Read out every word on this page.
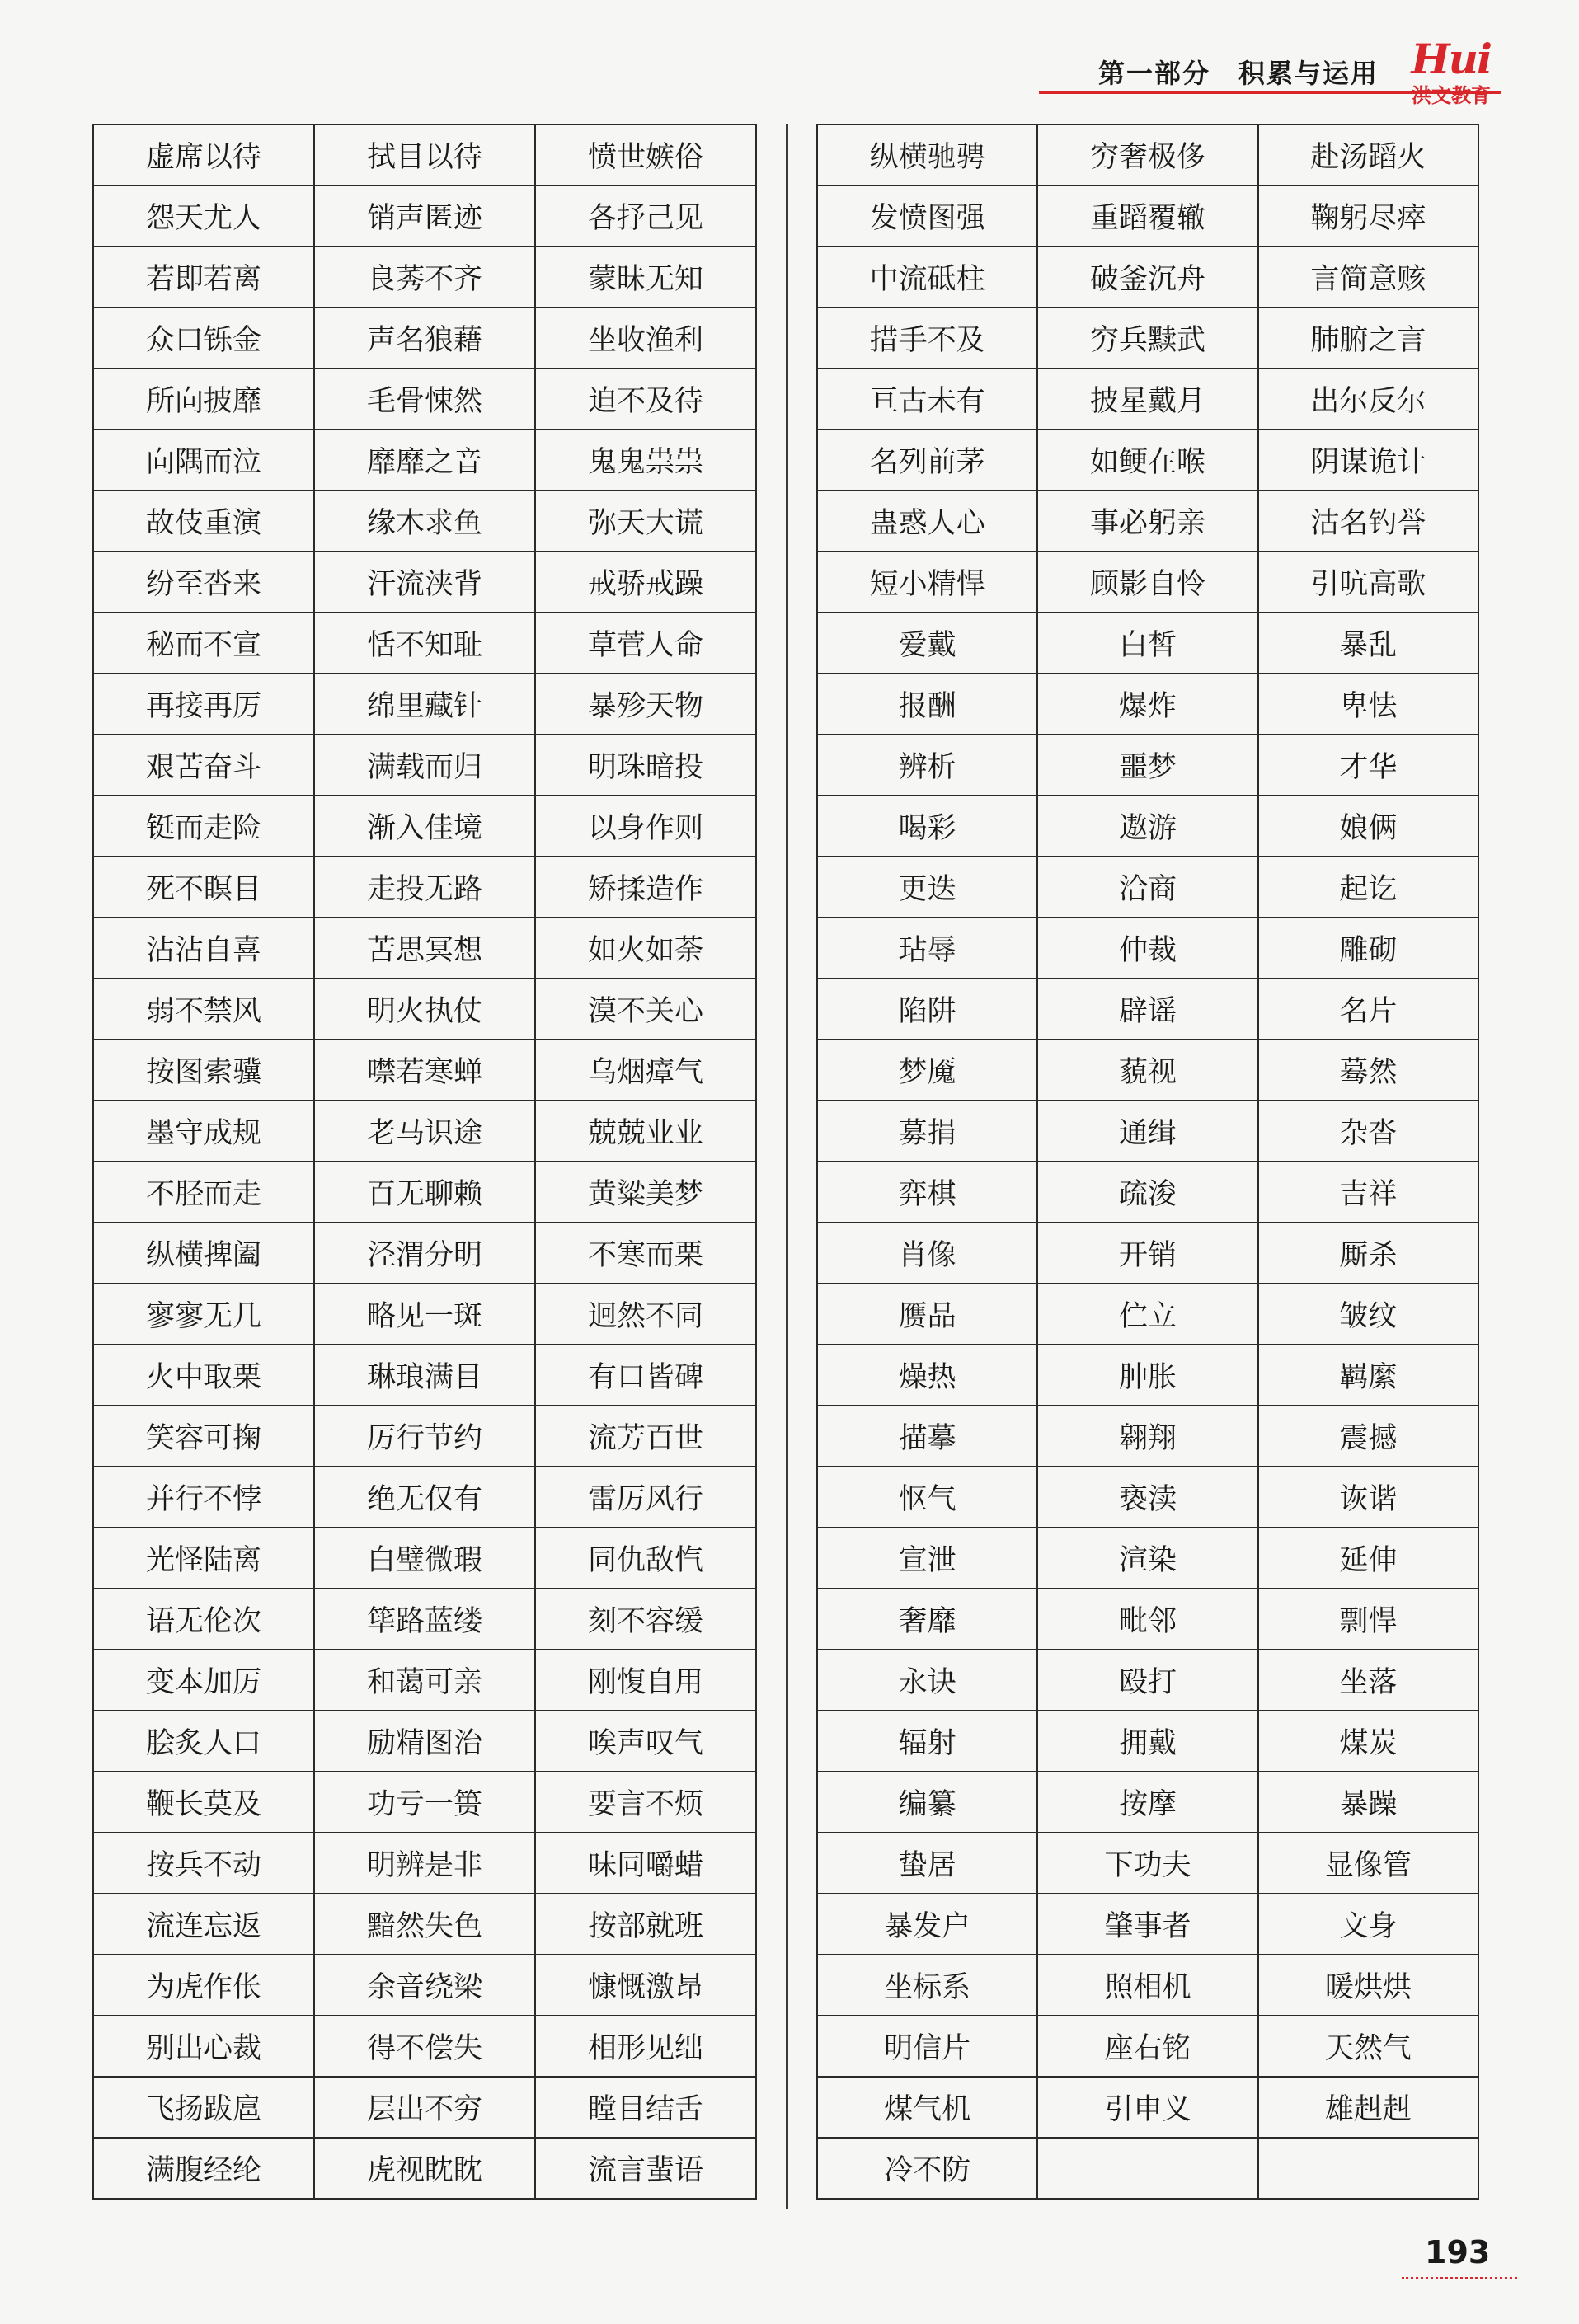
第一部分　积累与运用 Hui
洪文教育
虚席以待	拭目以待	愤世嫉俗
怨天尤人	销声匿迹	各抒己见
若即若离	良莠不齐	蒙昧无知
众口铄金	声名狼藉	坐收渔利
所向披靡	毛骨悚然	迫不及待
向隅而泣	靡靡之音	鬼鬼祟祟
故伎重演	缘木求鱼	弥天大谎
纷至沓来	汗流浃背	戒骄戒躁
秘而不宣	恬不知耻	草菅人命
再接再厉	绵里藏针	暴殄天物
艰苦奋斗	满载而归	明珠暗投
铤而走险	渐入佳境	以身作则
死不瞑目	走投无路	矫揉造作
沾沾自喜	苦思冥想	如火如荼
弱不禁风	明火执仗	漠不关心
按图索骥	噤若寒蝉	乌烟瘴气
墨守成规	老马识途	兢兢业业
不胫而走	百无聊赖	黄粱美梦
纵横捭阖	泾渭分明	不寒而栗
寥寥无几	略见一斑	迥然不同
火中取栗	琳琅满目	有口皆碑
笑容可掬	厉行节约	流芳百世
并行不悖	绝无仅有	雷厉风行
光怪陆离	白璧微瑕	同仇敌忾
语无伦次	筚路蓝缕	刻不容缓
变本加厉	和蔼可亲	刚愎自用
脍炙人口	励精图治	唉声叹气
鞭长莫及	功亏一篑	要言不烦
按兵不动	明辨是非	味同嚼蜡
流连忘返	黯然失色	按部就班
为虎作伥	余音绕梁	慷慨激昂
别出心裁	得不偿失	相形见绌
飞扬跋扈	层出不穷	瞠目结舌
满腹经纶	虎视眈眈	流言蜚语
纵横驰骋	穷奢极侈	赴汤蹈火
发愤图强	重蹈覆辙	鞠躬尽瘁
中流砥柱	破釜沉舟	言简意赅
措手不及	穷兵黩武	肺腑之言
亘古未有	披星戴月	出尔反尔
名列前茅	如鲠在喉	阴谋诡计
蛊惑人心	事必躬亲	沽名钓誉
短小精悍	顾影自怜	引吭高歌
爱戴	白皙	暴乱
报酬	爆炸	卑怯
辨析	噩梦	才华
喝彩	遨游	娘俩
更迭	洽商	起讫
玷辱	仲裁	雕砌
陷阱	辟谣	名片
梦魇	藐视	蓦然
募捐	通缉	杂沓
弈棋	疏浚	吉祥
肖像	开销	厮杀
赝品	伫立	皱纹
燥热	肿胀	羁縻
描摹	翱翔	震撼
怄气	亵渎	诙谐
宣泄	渲染	延伸
奢靡	毗邻	剽悍
永诀	殴打	坐落
辐射	拥戴	煤炭
编纂	按摩	暴躁
蛰居	下功夫	显像管
暴发户	肇事者	文身
坐标系	照相机	暖烘烘
明信片	座右铭	天然气
煤气机	引申义	雄赳赳
冷不防		
193
